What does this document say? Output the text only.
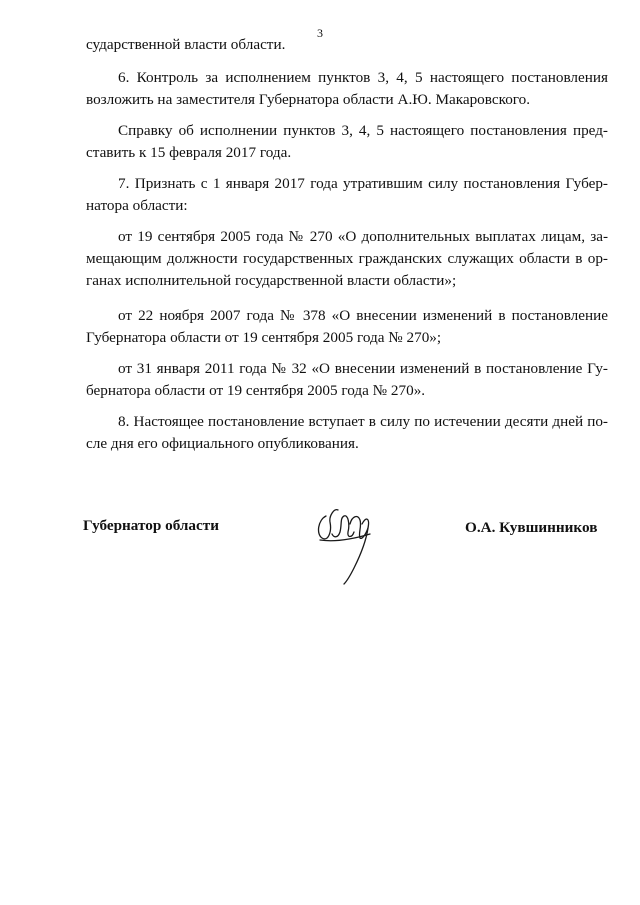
3
сударственной власти области.
6. Контроль за исполнением пунктов 3, 4, 5 настоящего постановления
возложить на заместителя Губернатора области А.Ю. Макаровского.
Справку об исполнении пунктов 3, 4, 5 настоящего постановления пред-
ставить к 15 февраля 2017 года.
7. Признать с 1 января 2017 года утратившим силу постановления Губер-
натора области:
от 19 сентября 2005 года № 270 «О дополнительных выплатах лицам, за-
мещающим должности государственных гражданских служащих области в ор-
ганах исполнительной государственной власти области»;
от 22 ноября 2007 года № 378 «О внесении изменений в постановление
Губернатора области от 19 сентября 2005 года № 270»;
от 31 января 2011 года № 32 «О внесении изменений в постановление Гу-
бернатора области от 19 сентября 2005 года № 270».
8. Настоящее постановление вступает в силу по истечении десяти дней по-
сле дня его официального опубликования.
Губернатор области	О.А. Кувшинников
